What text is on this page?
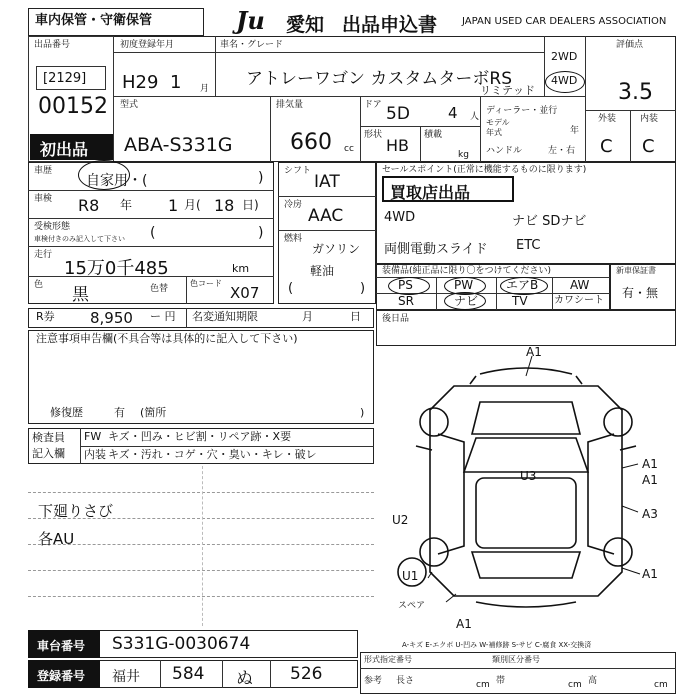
車内保管・守衛保管	Ju	愛知 出品申込書 JAPAN USED CAR DEALERS ASSOCIATION
出品番号
[2129]
00152
初出品
初度登録年月
H29 1 月
車名・グレード
アトレーワゴン カスタムターボRS
リミテッド
2WD
4WD
評価点
3.5
外装	内装
C C
型式
ABA-S331G
排気量
660 cc
ドア 5D	4 人
形状
HB
積載
kg
ディーラー・並行
モデル
年式	年
ハンドル	左・右
車歴
自家用・(	)
車検 R8 年 1 月( 18 日)
受検形態
車検付きのみ記入して下さい (	)
走行
15万0千485	km
色 黒	色替
色コード
X07
シフト
IAT
冷房
AAC
燃料
ガソリン
軽油
(	)
セールスポイント(正常に機能するものに限ります)
買取店出品
4WD	ナビ SDナビ
両側電動スライド ETC
装備品(純正品に限り〇をつけてください)
PS	PW	エアB	AW
SR	ナビ	TV	カワシート
新車保証書
有・無
R券 8,950 ー 円 名変通知期限	月	日 後日品
注意事項申告欄(不具合等は具体的に記入して下さい)
修復歴	有 (箇所	)
検査員
記入欄
FW キズ・凹み・ヒビ割・リペア跡・X要
内装 キズ・汚れ・コゲ・穴・臭い・キレ・破レ
下廻りさび
各AU
A1
A1
A1
A3
A1
U3
U2
U1
A1
スペア
A-キズ E-エクボ U-凹み W-補修跡 S-サビ C-腐食 XX-交換済
車台番号 S331G-0030674
登録番号 福井 584 ぬ 526
形式指定番号	類別区分番号
参考 長さ	cm 帯	cm 高	cm
